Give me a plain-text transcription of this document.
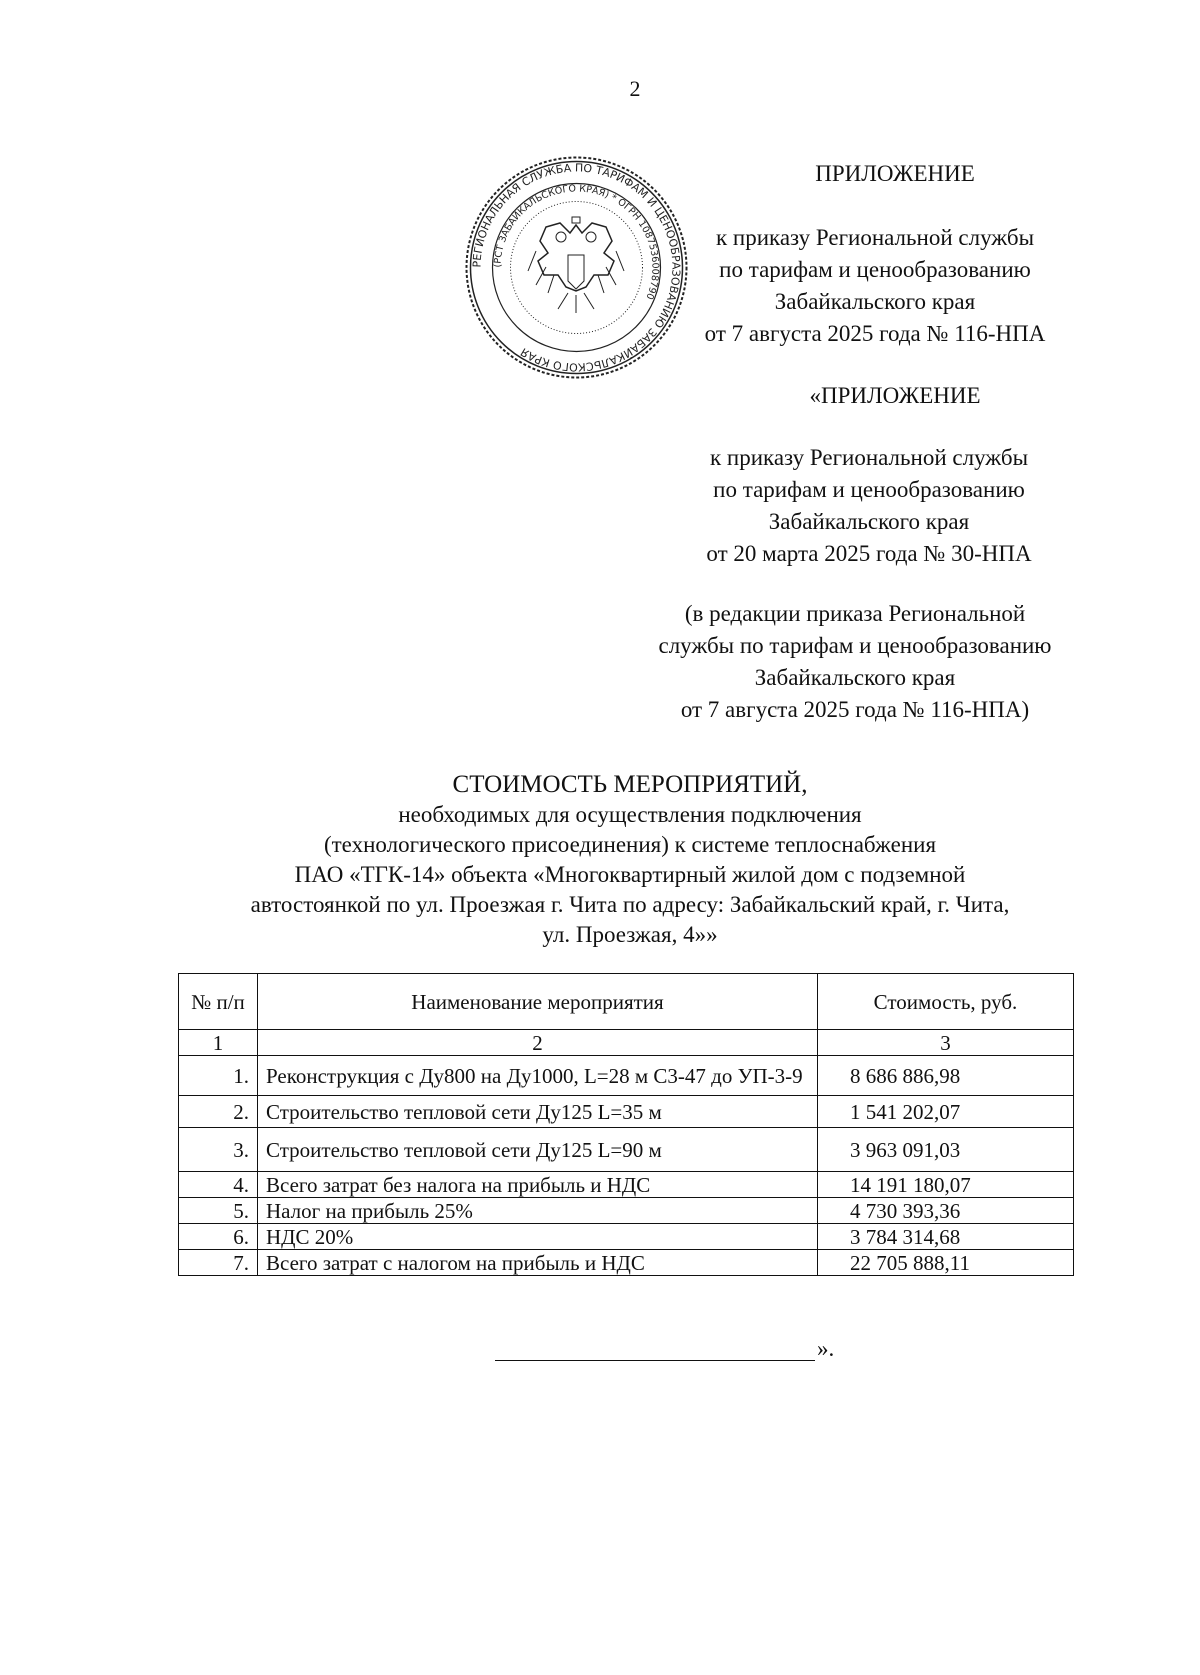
2
РЕГИОНАЛЬНАЯ СЛУЖБА ПО ТАРИФАМ И ЦЕНООБРАЗОВАНИЮ ЗАБАЙКАЛЬСКОГО КРАЯ
(РСТ ЗАБАЙКАЛЬСКОГО КРАЯ) * ОГРН 1087536008790
ПРИЛОЖЕНИЕ
к приказу Региональной службы
по тарифам и ценообразованию
Забайкальского края
от 7 августа 2025 года № 116-НПА
«ПРИЛОЖЕНИЕ
к приказу Региональной службы
по тарифам и ценообразованию
Забайкальского края
от 20 марта 2025 года № 30-НПА
(в редакции приказа Региональной
службы по тарифам и ценообразованию
Забайкальского края
от 7 августа 2025 года № 116-НПА)
СТОИМОСТЬ МЕРОПРИЯТИЙ,
необходимых для осуществления подключения
(технологического присоединения) к системе теплоснабжения
ПАО «ТГК-14» объекта «Многоквартирный жилой дом с подземной
автостоянкой по ул. Проезжая г. Чита по адресу: Забайкальский край, г. Чита,
ул. Проезжая, 4»»
№ п/п	Наименование мероприятия	Стоимость, руб.
1	2	3
1.	Реконструкция с Ду800 на Ду1000, L=28 м С3-47 до УП-3-9	8 686 886,98
2.	Строительство тепловой сети Ду125 L=35 м	1 541 202,07
3.	Строительство тепловой сети Ду125 L=90 м	3 963 091,03
4.	Всего затрат без налога на прибыль и НДС	14 191 180,07
5.	Налог на прибыль 25%	4 730 393,36
6.	НДС 20%	3 784 314,68
7.	Всего затрат с налогом на прибыль и НДС	22 705 888,11
».
